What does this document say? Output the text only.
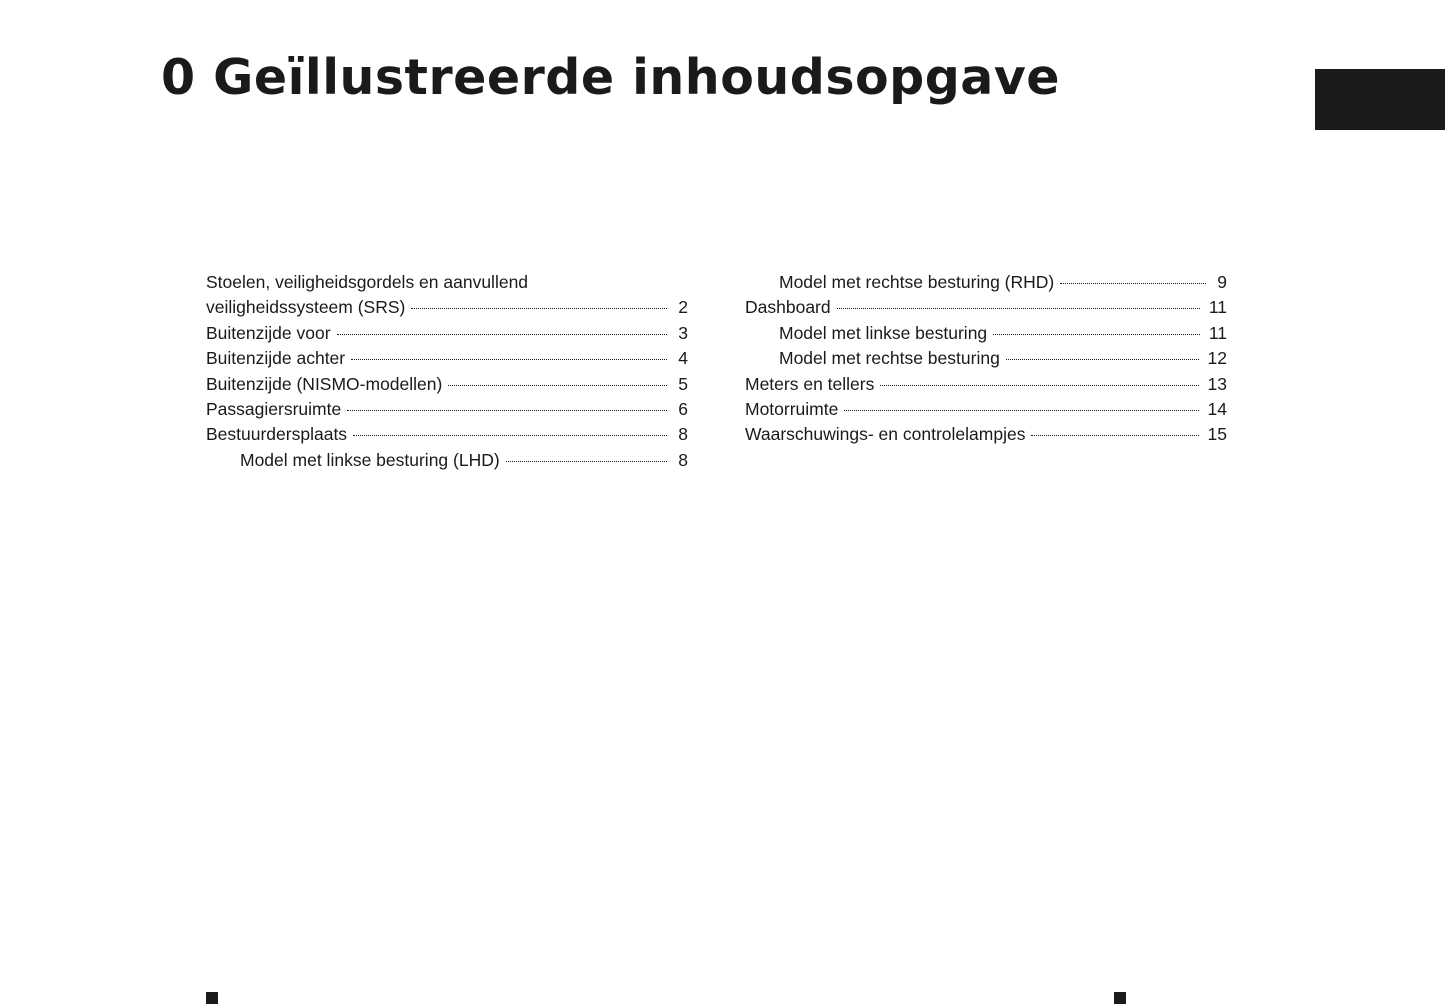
0 Geïllustreerde inhoudsopgave
Stoelen, veiligheidsgordels en aanvullend
veiligheidssysteem (SRS)	2
Buitenzijde voor	3
Buitenzijde achter	4
Buitenzijde (NISMO-modellen)	5
Passagiersruimte	6
Bestuurdersplaats	8
Model met linkse besturing (LHD)	8
Model met rechtse besturing (RHD)	9
Dashboard	11
Model met linkse besturing	11
Model met rechtse besturing	12
Meters en tellers	13
Motorruimte	14
Waarschuwings- en controlelampjes	15
